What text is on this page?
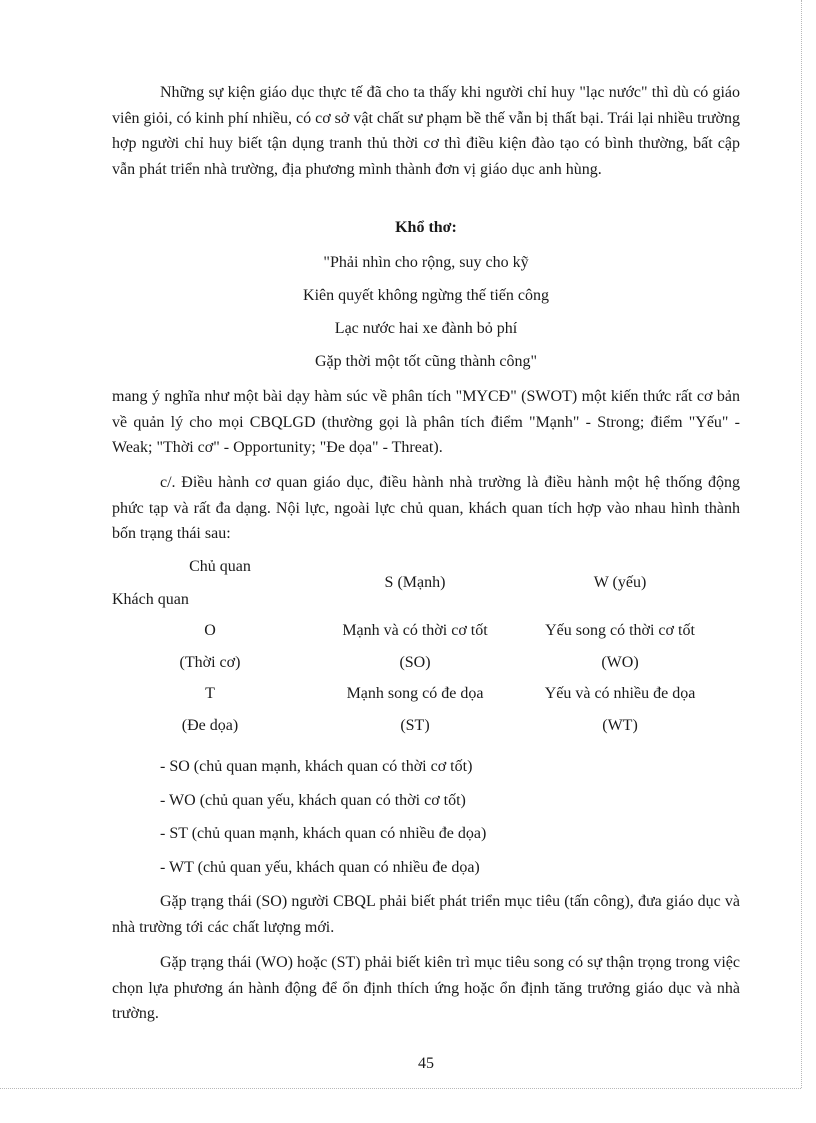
Những sự kiện giáo dục thực tế đã cho ta thấy khi người chỉ huy "lạc nước" thì dù có giáo viên giỏi, có kinh phí nhiều, có cơ sở vật chất sư phạm bề thế vẫn bị thất bại. Trái lại nhiều trường hợp người chỉ huy biết tận dụng tranh thủ thời cơ thì điều kiện đào tạo có bình thường, bất cập vẫn phát triển nhà trường, địa phương mình thành đơn vị giáo dục anh hùng.

Khổ thơ:

"Phải nhìn cho rộng, suy cho kỹ

Kiên quyết không ngừng thế tiến công

Lạc nước hai xe đành bỏ phí

Gặp thời một tốt cũng thành công"

mang ý nghĩa như một bài dạy hàm súc về phân tích "MYCĐ" (SWOT) một kiến thức rất cơ bản về quản lý cho mọi CBQLGD (thường gọi là phân tích điểm "Mạnh" - Strong; điểm "Yếu" - Weak; "Thời cơ" - Opportunity; "Đe dọa" - Threat).

c/. Điều hành cơ quan giáo dục, điều hành nhà trường là điều hành một hệ thống động phức tạp và rất đa dạng. Nội lực, ngoài lực chủ quan, khách quan tích hợp vào nhau hình thành bốn trạng thái sau:

Chủ quan
Khách quan
S (Mạnh)	W (yếu)
O
(Thời cơ)
Mạnh và có thời cơ tốt
(SO)
Yếu song có thời cơ tốt
(WO)
T
(Đe dọa)
Mạnh song có đe dọa
(ST)
Yếu và có nhiều đe dọa
(WT)
- SO (chủ quan mạnh, khách quan có thời cơ tốt)
- WO (chủ quan yếu, khách quan có thời cơ tốt)
- ST (chủ quan mạnh, khách quan có nhiều đe dọa)
- WT (chủ quan yếu, khách quan có nhiều đe dọa)

Gặp trạng thái (SO) người CBQL phải biết phát triển mục tiêu (tấn công), đưa giáo dục và nhà trường tới các chất lượng mới.

Gặp trạng thái (WO) hoặc (ST) phải biết kiên trì mục tiêu song có sự thận trọng trong việc chọn lựa phương án hành động để ổn định thích ứng hoặc ổn định tăng trưởng giáo dục và nhà trường.

45
